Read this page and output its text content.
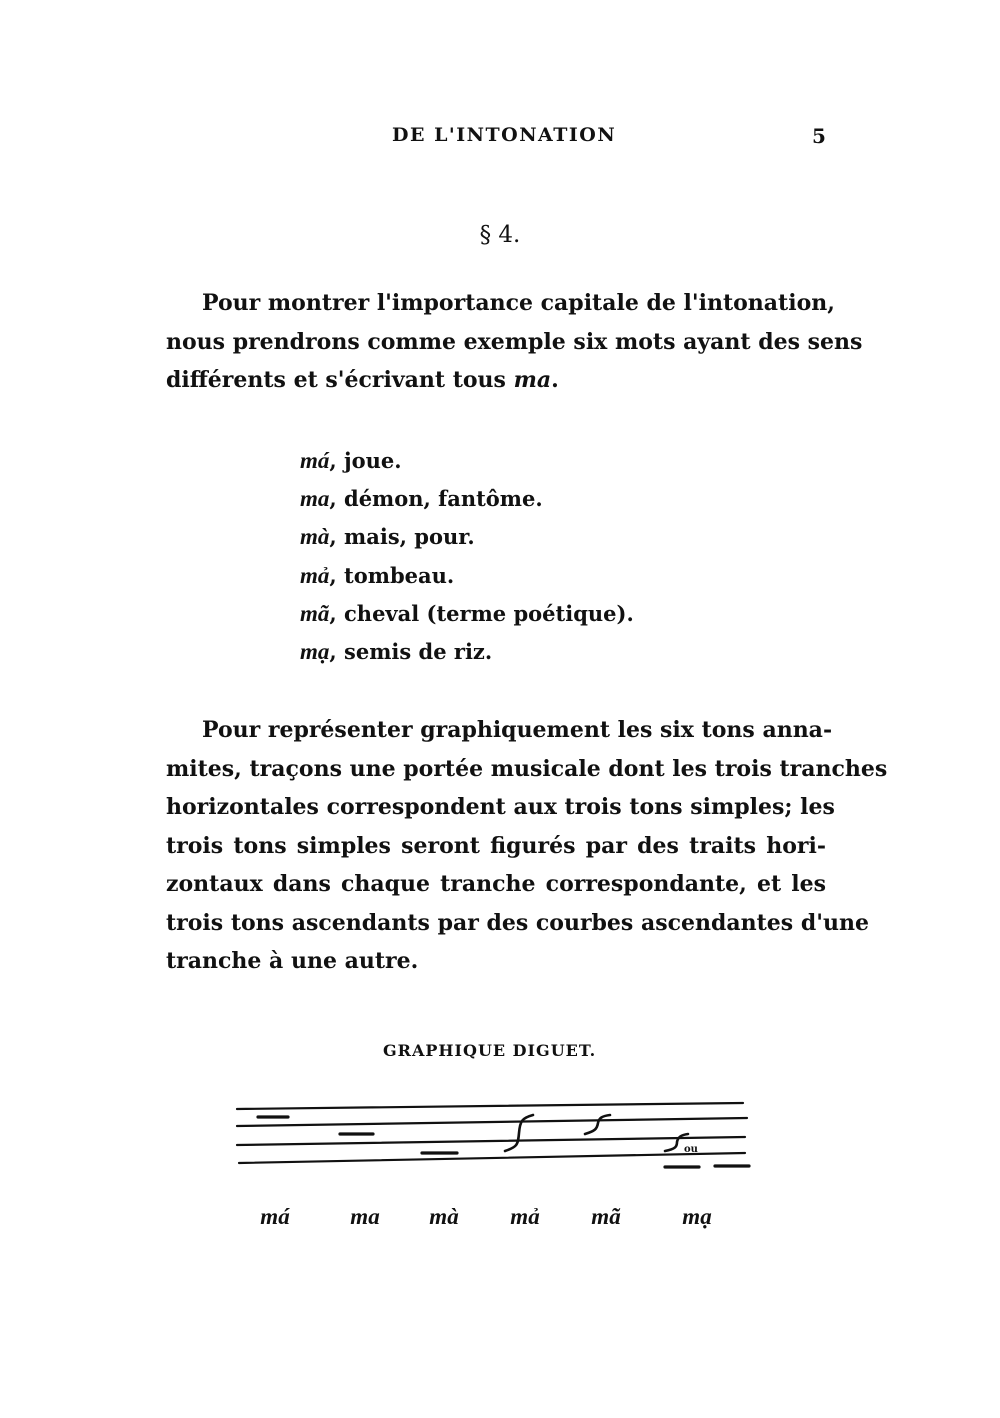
DE L'INTONATION	5
§ 4.
Pour montrer l'importance capitale de l'intonation,
nous prendrons comme exemple six mots ayant des sens
différents et s'écrivant tous ma.
má, joue.
ma, démon, fantôme.
mà, mais, pour.
mả, tombeau.
mã, cheval (terme poétique).
mạ, semis de riz.
Pour représenter graphiquement les six tons anna-
mites, traçons une portée musicale dont les trois tranches
horizontales correspondent aux trois tons simples; les
trois tons simples seront figurés par des traits hori-
zontaux dans chaque tranche correspondante, et les
trois tons ascendants par des courbes ascendantes d'une
tranche à une autre.
GRAPHIQUE DIGUET.
ou
má	ma mà mả mã	mạ
